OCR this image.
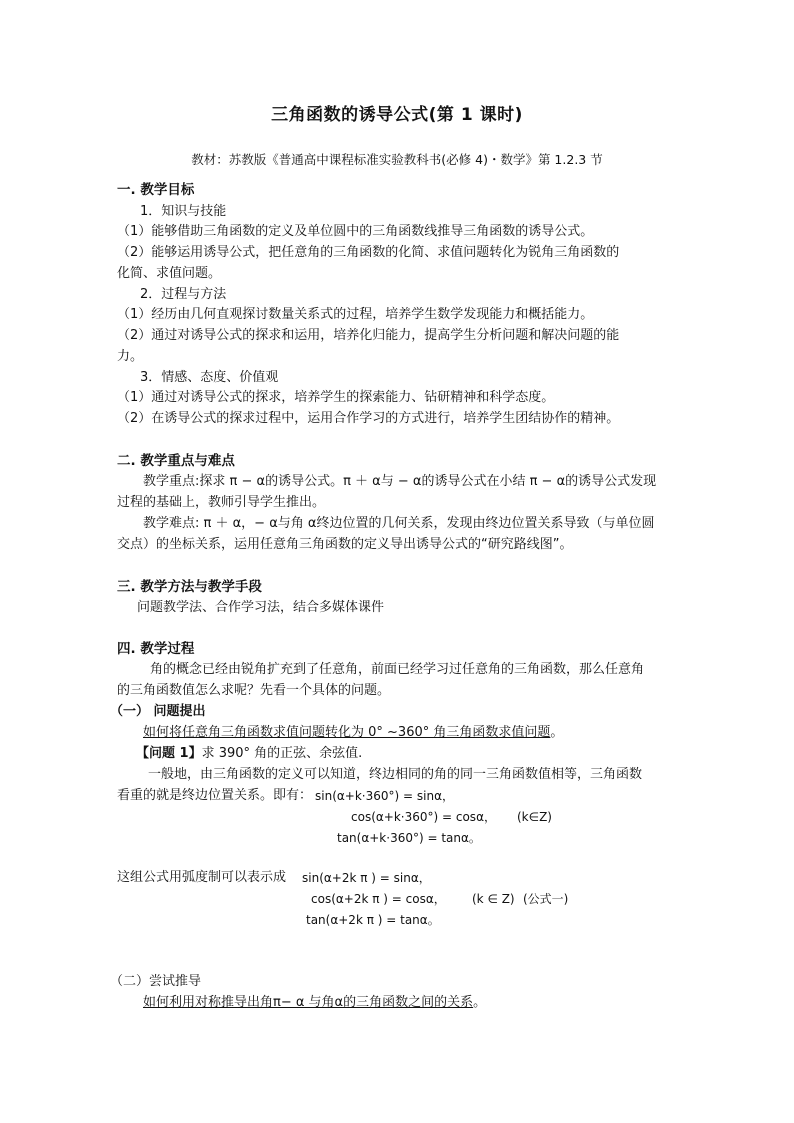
三角函数的诱导公式(第 1 课时)
教材：苏教版《普通高中课程标准实验教科书(必修 4)・数学》第 1.2.3 节
一. 教学目标
1．知识与技能
（1）能够借助三角函数的定义及单位圆中的三角函数线推导三角函数的诱导公式。
（2）能够运用诱导公式，把任意角的三角函数的化简、求值问题转化为锐角三角函数的
化简、求值问题。
2．过程与方法
（1）经历由几何直观探讨数量关系式的过程，培养学生数学发现能力和概括能力。
（2）通过对诱导公式的探求和运用，培养化归能力，提高学生分析问题和解决问题的能
力。
3．情感、态度、价值观
（1）通过对诱导公式的探求，培养学生的探索能力、钻研精神和科学态度。
（2）在诱导公式的探求过程中，运用合作学习的方式进行，培养学生团结协作的精神。
二. 教学重点与难点
教学重点:探求 π − α的诱导公式。π ＋ α与 − α的诱导公式在小结 π − α的诱导公式发现
过程的基础上，教师引导学生推出。
教学难点: π ＋ α，− α与角 α终边位置的几何关系，发现由终边位置关系导致（与单位圆
交点）的坐标关系，运用任意角三角函数的定义导出诱导公式的“研究路线图”。
三. 教学方法与教学手段
问题教学法、合作学习法，结合多媒体课件
四. 教学过程
角的概念已经由锐角扩充到了任意角，前面已经学习过任意角的三角函数，那么任意角
的三角函数值怎么求呢？先看一个具体的问题。
（一） 问题提出
如何将任意角三角函数求值问题转化为 0° ~360° 角三角函数求值问题。
【问题 1】求 390° 角的正弦、余弦值.
一般地，由三角函数的定义可以知道，终边相同的角的同一三角函数值相等，三角函数
看重的就是终边位置关系。即有： sin(α+k·360°) = sinα，
cos(α+k·360°) = cosα， (k∈Z)
tan(α+k·360°) = tanα。
这组公式用弧度制可以表示成 sin(α+2k π ) = sinα，
cos(α+2k π ) = cosα， (k ∈ Z) (公式一)
tan(α+2k π ) = tanα。
（二）尝试推导
如何利用对称推导出角π− α 与角α的三角函数之间的关系。
